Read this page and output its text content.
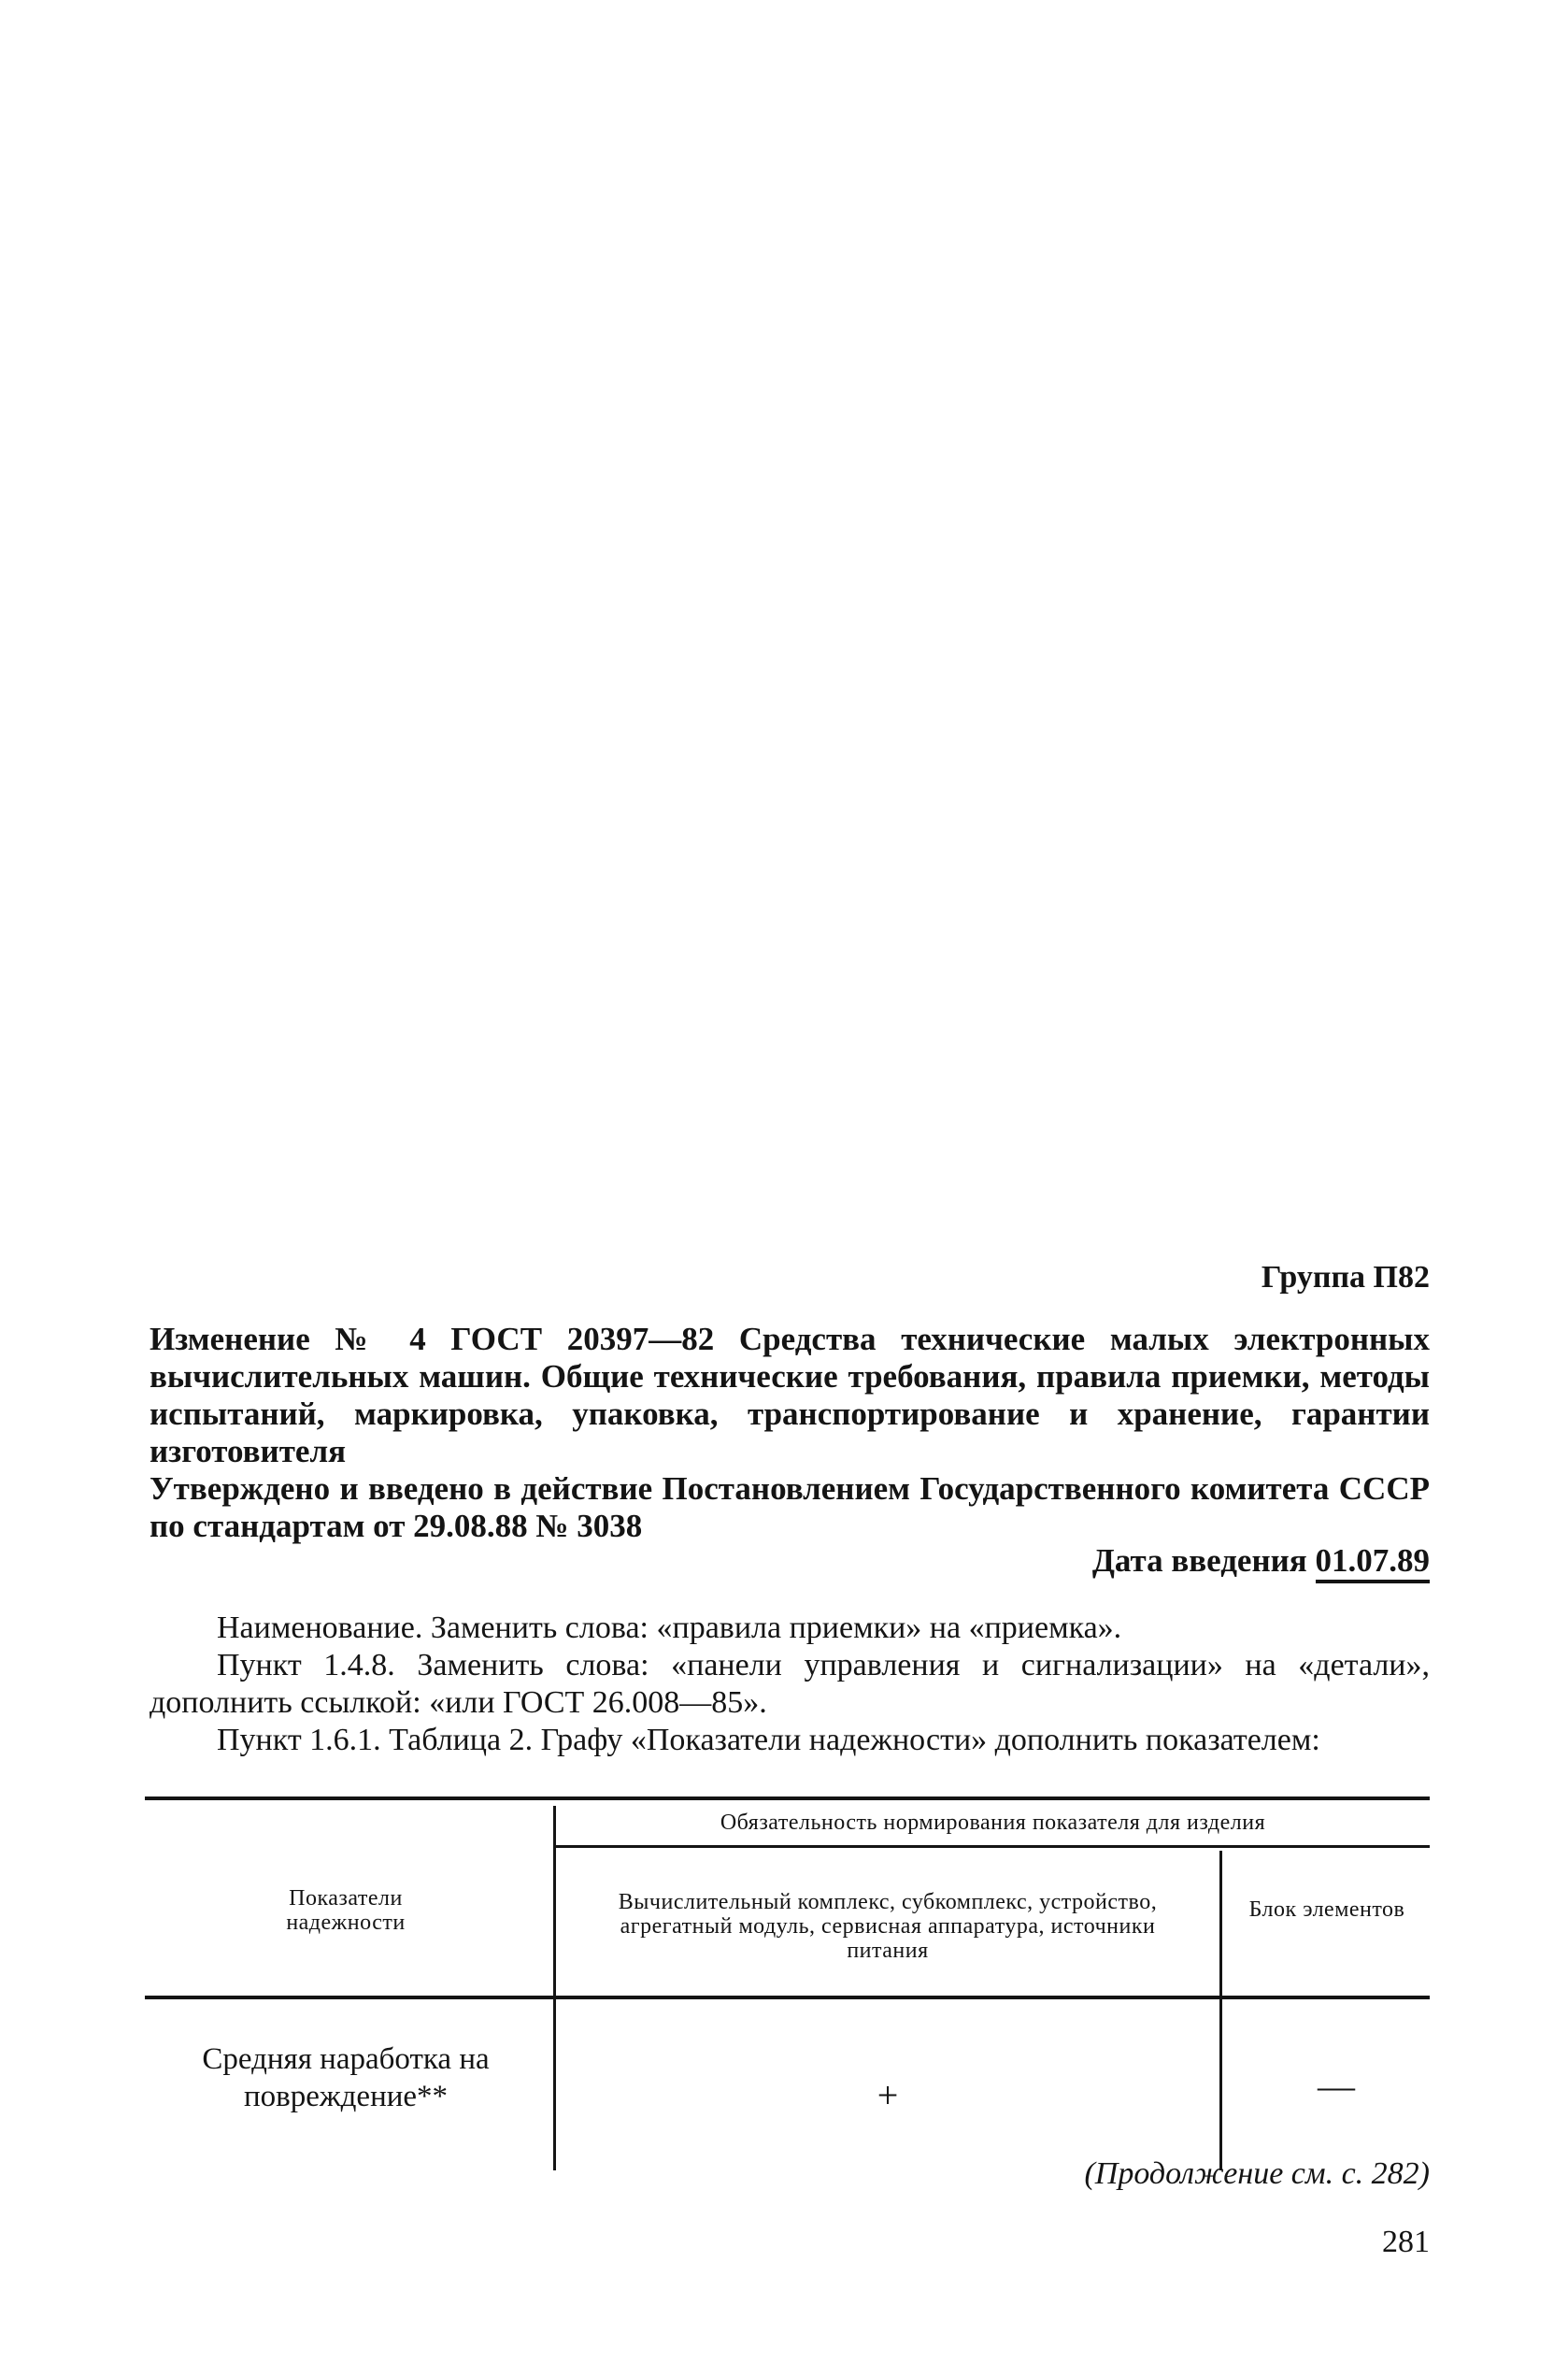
Группа П82
Изменение № 4 ГОСТ 20397—82 Средства технические малых электронных вычислительных машин. Общие технические требования, правила приемки, методы испытаний, маркировка, упаковка, транспортирование и хранение, гарантии изготовителя
Утверждено и введено в действие Постановлением Государственного комитета СССР по стандартам от 29.08.88 № 3038
Дата введения 01.07.89
Наименование. Заменить слова: «правила приемки» на «приемка».
Пункт 1.4.8. Заменить слова: «панели управления и сигнализации» на «детали», дополнить ссылкой: «или ГОСТ 26.008—85».
Пункт 1.6.1. Таблица 2. Графу «Показатели надежности» дополнить показателем:
Показатели надежности
Обязательность нормирования показателя для изделия
Вычислительный комплекс, субкомплекс, устройство, агрегатный модуль, сервисная аппаратура, источники питания
Блок элементов
Средняя наработка на повреждение**	+	—
(Продолжение см. с. 282)
281
